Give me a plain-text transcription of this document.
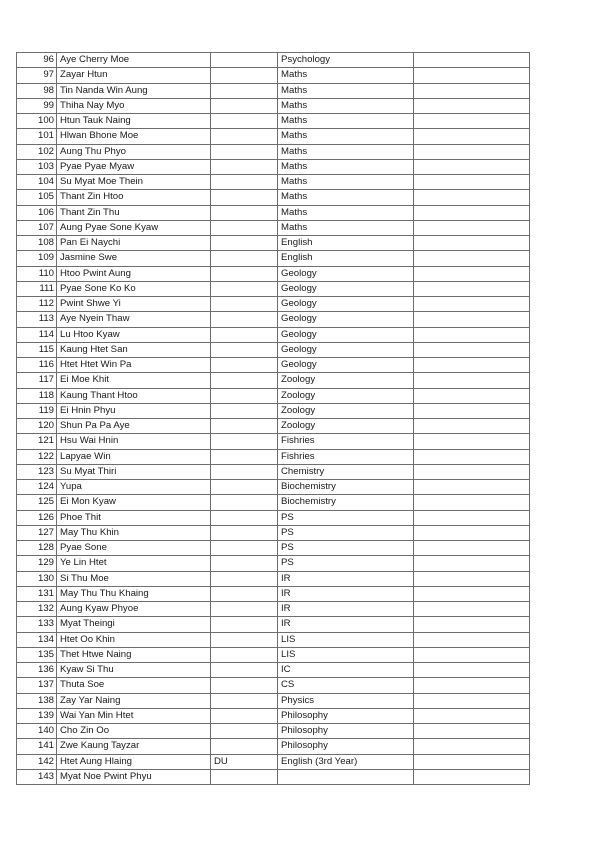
96	Aye Cherry Moe		Psychology	
97	Zayar Htun		Maths	
98	Tin Nanda Win Aung		Maths	
99	Thiha Nay Myo		Maths	
100	Htun Tauk Naing		Maths	
101	Hlwan Bhone Moe		Maths	
102	Aung Thu Phyo		Maths	
103	Pyae Pyae Myaw		Maths	
104	Su Myat Moe Thein		Maths	
105	Thant Zin Htoo		Maths	
106	Thant Zin Thu		Maths	
107	Aung Pyae Sone Kyaw		Maths	
108	Pan Ei Naychi		English	
109	Jasmine Swe		English	
110	Htoo Pwint Aung		Geology	
111	Pyae Sone Ko Ko		Geology	
112	Pwint Shwe Yi		Geology	
113	Aye Nyein Thaw		Geology	
114	Lu Htoo Kyaw		Geology	
115	Kaung Htet San		Geology	
116	Htet Htet Win Pa		Geology	
117	Ei Moe Khit		Zoology	
118	Kaung Thant Htoo		Zoology	
119	Ei Hnin Phyu		Zoology	
120	Shun Pa Pa Aye		Zoology	
121	Hsu Wai Hnin		Fishries	
122	Lapyae Win		Fishries	
123	Su Myat Thiri		Chemistry	
124	Yupa		Biochemistry	
125	Ei Mon Kyaw		Biochemistry	
126	Phoe Thit		PS	
127	May Thu Khin		PS	
128	Pyae Sone		PS	
129	Ye Lin Htet		PS	
130	Si Thu Moe		IR	
131	May Thu Thu Khaing		IR	
132	Aung Kyaw Phyoe		IR	
133	Myat Theingi		IR	
134	Htet Oo Khin		LIS	
135	Thet Htwe Naing		LIS	
136	Kyaw Si Thu		IC	
137	Thuta Soe		CS	
138	Zay Yar Naing		Physics	
139	Wai Yan Min Htet		Philosophy	
140	Cho Zin Oo		Philosophy	
141	Zwe Kaung Tayzar		Philosophy	
142	Htet Aung Hlaing	DU	English (3rd Year)	
143	Myat Noe Pwint Phyu			
